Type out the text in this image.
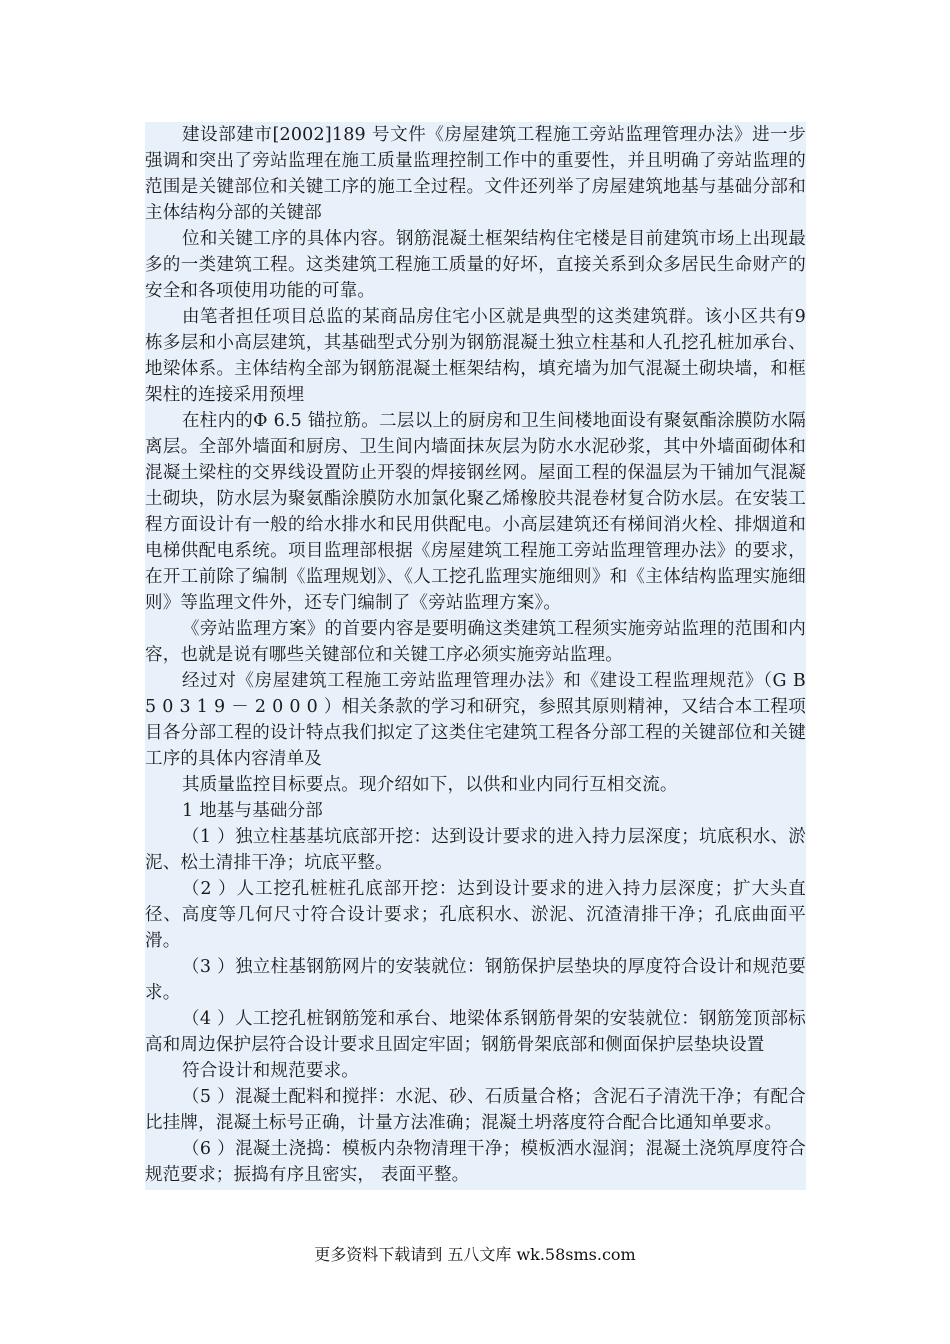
建设部建市[2002]189 号文件《房屋建筑工程施工旁站监理管理办法》进一步强调和突出了旁站监理在施工质量监理控制工作中的重要性，并且明确了旁站监理的范围是关键部位和关键工序的施工全过程。文件还列举了房屋建筑地基与基础分部和主体结构分部的关键部

位和关键工序的具体内容。钢筋混凝土框架结构住宅楼是目前建筑市场上出现最多的一类建筑工程。这类建筑工程施工质量的好坏，直接关系到众多居民生命财产的安全和各项使用功能的可靠。

由笔者担任项目总监的某商品房住宅小区就是典型的这类建筑群。该小区共有9 栋多层和小高层建筑，其基础型式分别为钢筋混凝土独立柱基和人孔挖孔桩加承台、地梁体系。主体结构全部为钢筋混凝土框架结构，填充墙为加气混凝土砌块墙，和框架柱的连接采用预埋

在柱内的Φ 6.5 锚拉筋。二层以上的厨房和卫生间楼地面设有聚氨酯涂膜防水隔离层。全部外墙面和厨房、卫生间内墙面抹灰层为防水水泥砂浆，其中外墙面砌体和混凝土梁柱的交界线设置防止开裂的焊接钢丝网。屋面工程的保温层为干铺加气混凝土砌块，防水层为聚氨酯涂膜防水加氯化聚乙烯橡胶共混卷材复合防水层。在安装工程方面设计有一般的给水排水和民用供配电。小高层建筑还有梯间消火栓、排烟道和电梯供配电系统。项目监理部根据《房屋建筑工程施工旁站监理管理办法》的要求，在开工前除了编制《监理规划》、《人工挖孔监理实施细则》和《主体结构监理实施细则》等监理文件外，还专门编制了《旁站监理方案》。

《旁站监理方案》的首要内容是要明确这类建筑工程须实施旁站监理的范围和内容，也就是说有哪些关键部位和关键工序必须实施旁站监理。

经过对《房屋建筑工程施工旁站监理管理办法》和《建设工程监理规范》（G B 5 0 3 1 9 － 2 0 0 0 ）相关条款的学习和研究，参照其原则精神，又结合本工程项目各分部工程的设计特点我们拟定了这类住宅建筑工程各分部工程的关键部位和关键工序的具体内容清单及

其质量监控目标要点。现介绍如下，以供和业内同行互相交流。

1 地基与基础分部

（1 ）独立柱基基坑底部开挖：达到设计要求的进入持力层深度；坑底积水、淤泥、松土清排干净；坑底平整。

（2 ）人工挖孔桩桩孔底部开挖：达到设计要求的进入持力层深度；扩大头直径、高度等几何尺寸符合设计要求；孔底积水、淤泥、沉渣清排干净；孔底曲面平滑。

（3 ）独立柱基钢筋网片的安装就位：钢筋保护层垫块的厚度符合设计和规范要求。

（4 ）人工挖孔桩钢筋笼和承台、地梁体系钢筋骨架的安装就位：钢筋笼顶部标高和周边保护层符合设计要求且固定牢固；钢筋骨架底部和侧面保护层垫块设置

符合设计和规范要求。

（5 ）混凝土配料和搅拌：水泥、砂、石质量合格；含泥石子清洗干净；有配合比挂牌，混凝土标号正确，计量方法准确；混凝土坍落度符合配合比通知单要求。

（6 ）混凝土浇捣：模板内杂物清理干净；模板洒水湿润；混凝土浇筑厚度符合规范要求；振捣有序且密实， 表面平整。

更多资料下载请到 五八文库 wk.58sms.com
